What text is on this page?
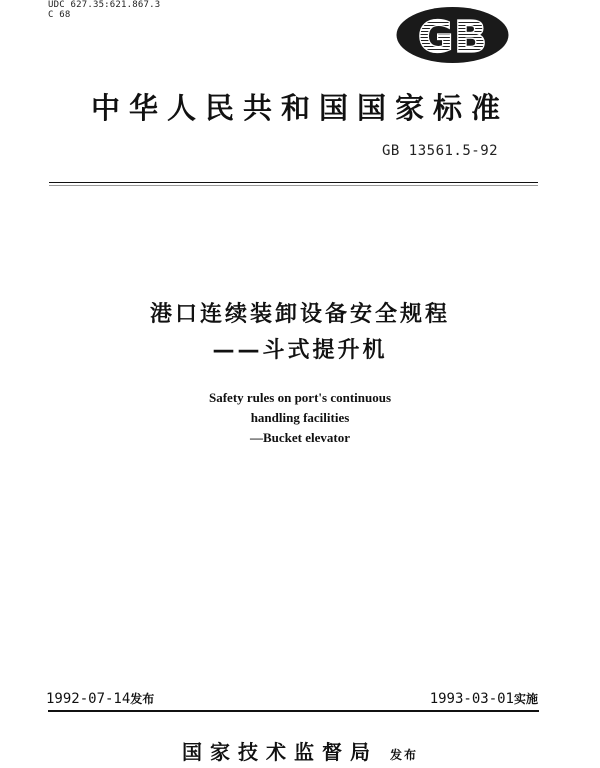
UDC 627.35:621.867.3
C 68	GB
中华人民共和国国家标准
GB 13561.5-92
港口连续装卸设备安全规程
——斗式提升机
Safety rules on port's continuous
handling facilities
—Bucket elevator
1992-07-14发布	1993-03-01实施
国家技术监督局 发布
